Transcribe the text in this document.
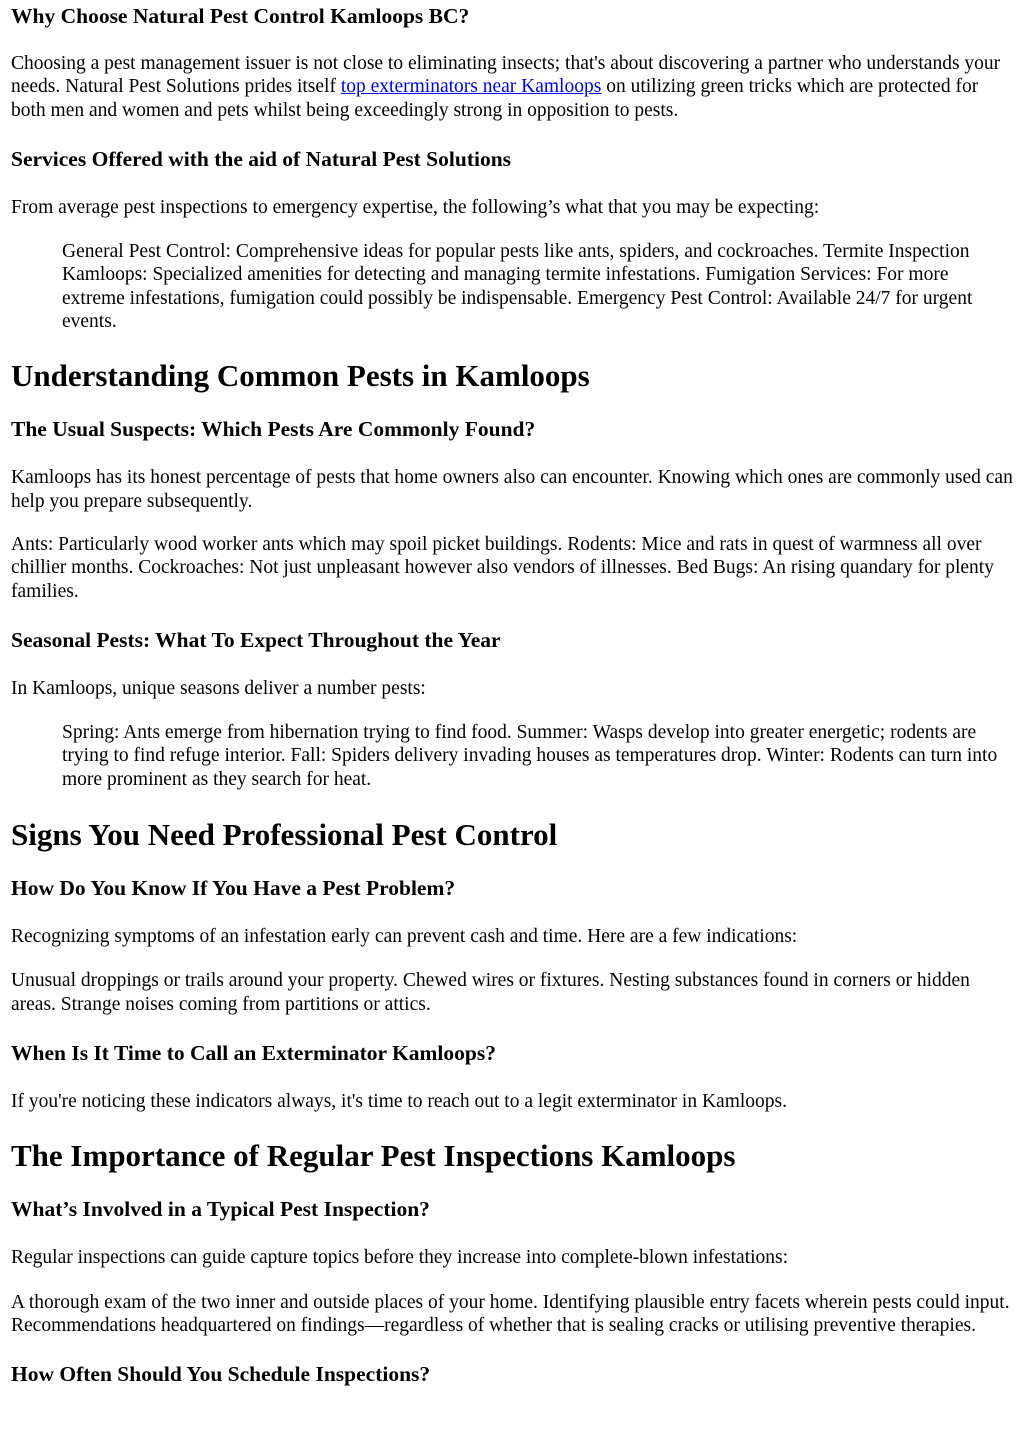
Why Choose Natural Pest Control Kamloops BC?

Choosing a pest management issuer is not close to eliminating insects; that's about discovering a partner who understands your needs. Natural Pest Solutions prides itself top exterminators near Kamloops on utilizing green tricks which are protected for both men and women and pets whilst being exceedingly strong in opposition to pests.

Services Offered with the aid of Natural Pest Solutions

From average pest inspections to emergency expertise, the following’s what that you may be expecting:

General Pest Control: Comprehensive ideas for popular pests like ants, spiders, and cockroaches. Termite Inspection Kamloops: Specialized amenities for detecting and managing termite infestations. Fumigation Services: For more extreme infestations, fumigation could possibly be indispensable. Emergency Pest Control: Available 24/7 for urgent events.
Understanding Common Pests in Kamloops
The Usual Suspects: Which Pests Are Commonly Found?

Kamloops has its honest percentage of pests that home owners also can encounter. Knowing which ones are commonly used can help you prepare subsequently.

Ants: Particularly wood worker ants which may spoil picket buildings. Rodents: Mice and rats in quest of warmness all over chillier months. Cockroaches: Not just unpleasant however also vendors of illnesses. Bed Bugs: An rising quandary for plenty families.

Seasonal Pests: What To Expect Throughout the Year

In Kamloops, unique seasons deliver a number pests:

Spring: Ants emerge from hibernation trying to find food. Summer: Wasps develop into greater energetic; rodents are trying to find refuge interior. Fall: Spiders delivery invading houses as temperatures drop. Winter: Rodents can turn into more prominent as they search for heat.
Signs You Need Professional Pest Control
How Do You Know If You Have a Pest Problem?

Recognizing symptoms of an infestation early can prevent cash and time. Here are a few indications:

Unusual droppings or trails around your property. Chewed wires or fixtures. Nesting substances found in corners or hidden areas. Strange noises coming from partitions or attics.

When Is It Time to Call an Exterminator Kamloops?

If you're noticing these indicators always, it's time to reach out to a legit exterminator in Kamloops.

The Importance of Regular Pest Inspections Kamloops
What’s Involved in a Typical Pest Inspection?

Regular inspections can guide capture topics before they increase into complete-blown infestations:

A thorough exam of the two inner and outside places of your home. Identifying plausible entry facets wherein pests could input. Recommendations headquartered on findings—regardless of whether that is sealing cracks or utilising preventive therapies.

How Often Should You Schedule Inspections?
